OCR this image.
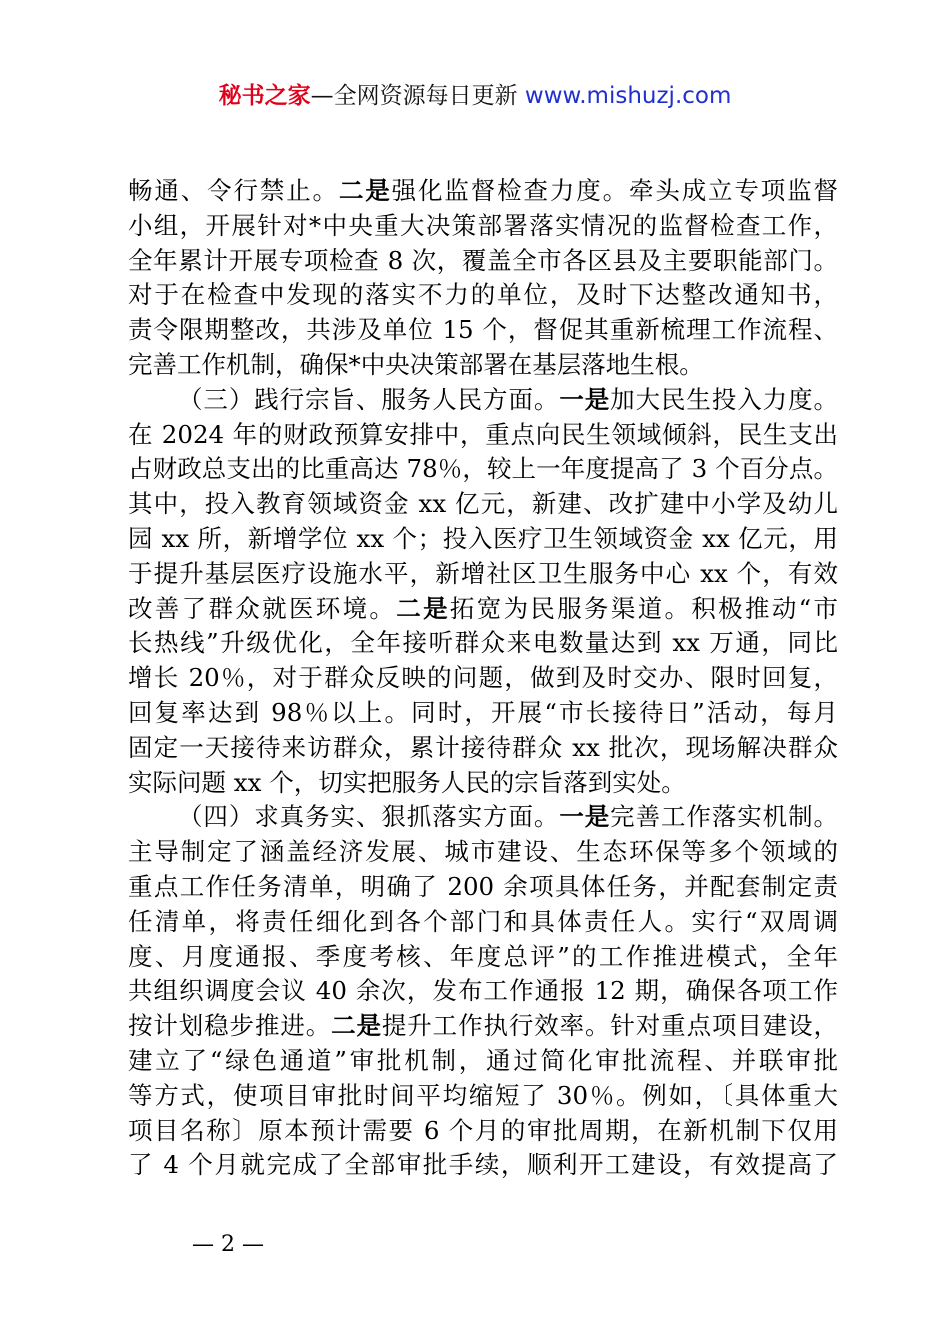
秘书之家—全网资源每日更新 www.mishuzj.com
畅通、令行禁止。二是强化监督检查力度。牵头成立专项监督
小组，开展针对*中央重大决策部署落实情况的监督检查工作，
全年累计开展专项检查 8 次，覆盖全市各区县及主要职能部门。
对于在检查中发现的落实不力的单位，及时下达整改通知书，
责令限期整改，共涉及单位 15 个，督促其重新梳理工作流程、
完善工作机制，确保*中央决策部署在基层落地生根。
（三）践行宗旨、服务人民方面。一是加大民生投入力度。
在 2024 年的财政预算安排中，重点向民生领域倾斜，民生支出
占财政总支出的比重高达 78％，较上一年度提高了 3 个百分点。
其中，投入教育领域资金 xx 亿元，新建、改扩建中小学及幼儿
园 xx 所，新增学位 xx 个；投入医疗卫生领域资金 xx 亿元，用
于提升基层医疗设施水平，新增社区卫生服务中心 xx 个，有效
改善了群众就医环境。二是拓宽为民服务渠道。积极推动“市
长热线”升级优化，全年接听群众来电数量达到 xx 万通，同比
增长 20％，对于群众反映的问题，做到及时交办、限时回复，
回复率达到 98％以上。同时，开展“市长接待日”活动，每月
固定一天接待来访群众，累计接待群众 xx 批次，现场解决群众
实际问题 xx 个，切实把服务人民的宗旨落到实处。
（四）求真务实、狠抓落实方面。一是完善工作落实机制。
主导制定了涵盖经济发展、城市建设、生态环保等多个领域的
重点工作任务清单，明确了 200 余项具体任务，并配套制定责
任清单，将责任细化到各个部门和具体责任人。实行“双周调
度、月度通报、季度考核、年度总评”的工作推进模式，全年
共组织调度会议 40 余次，发布工作通报 12 期，确保各项工作
按计划稳步推进。二是提升工作执行效率。针对重点项目建设，
建立了“绿色通道”审批机制，通过简化审批流程、并联审批
等方式，使项目审批时间平均缩短了 30％。例如，〔具体重大
项目名称〕原本预计需要 6 个月的审批周期，在新机制下仅用
了 4 个月就完成了全部审批手续，顺利开工建设，有效提高了
— 2 —
